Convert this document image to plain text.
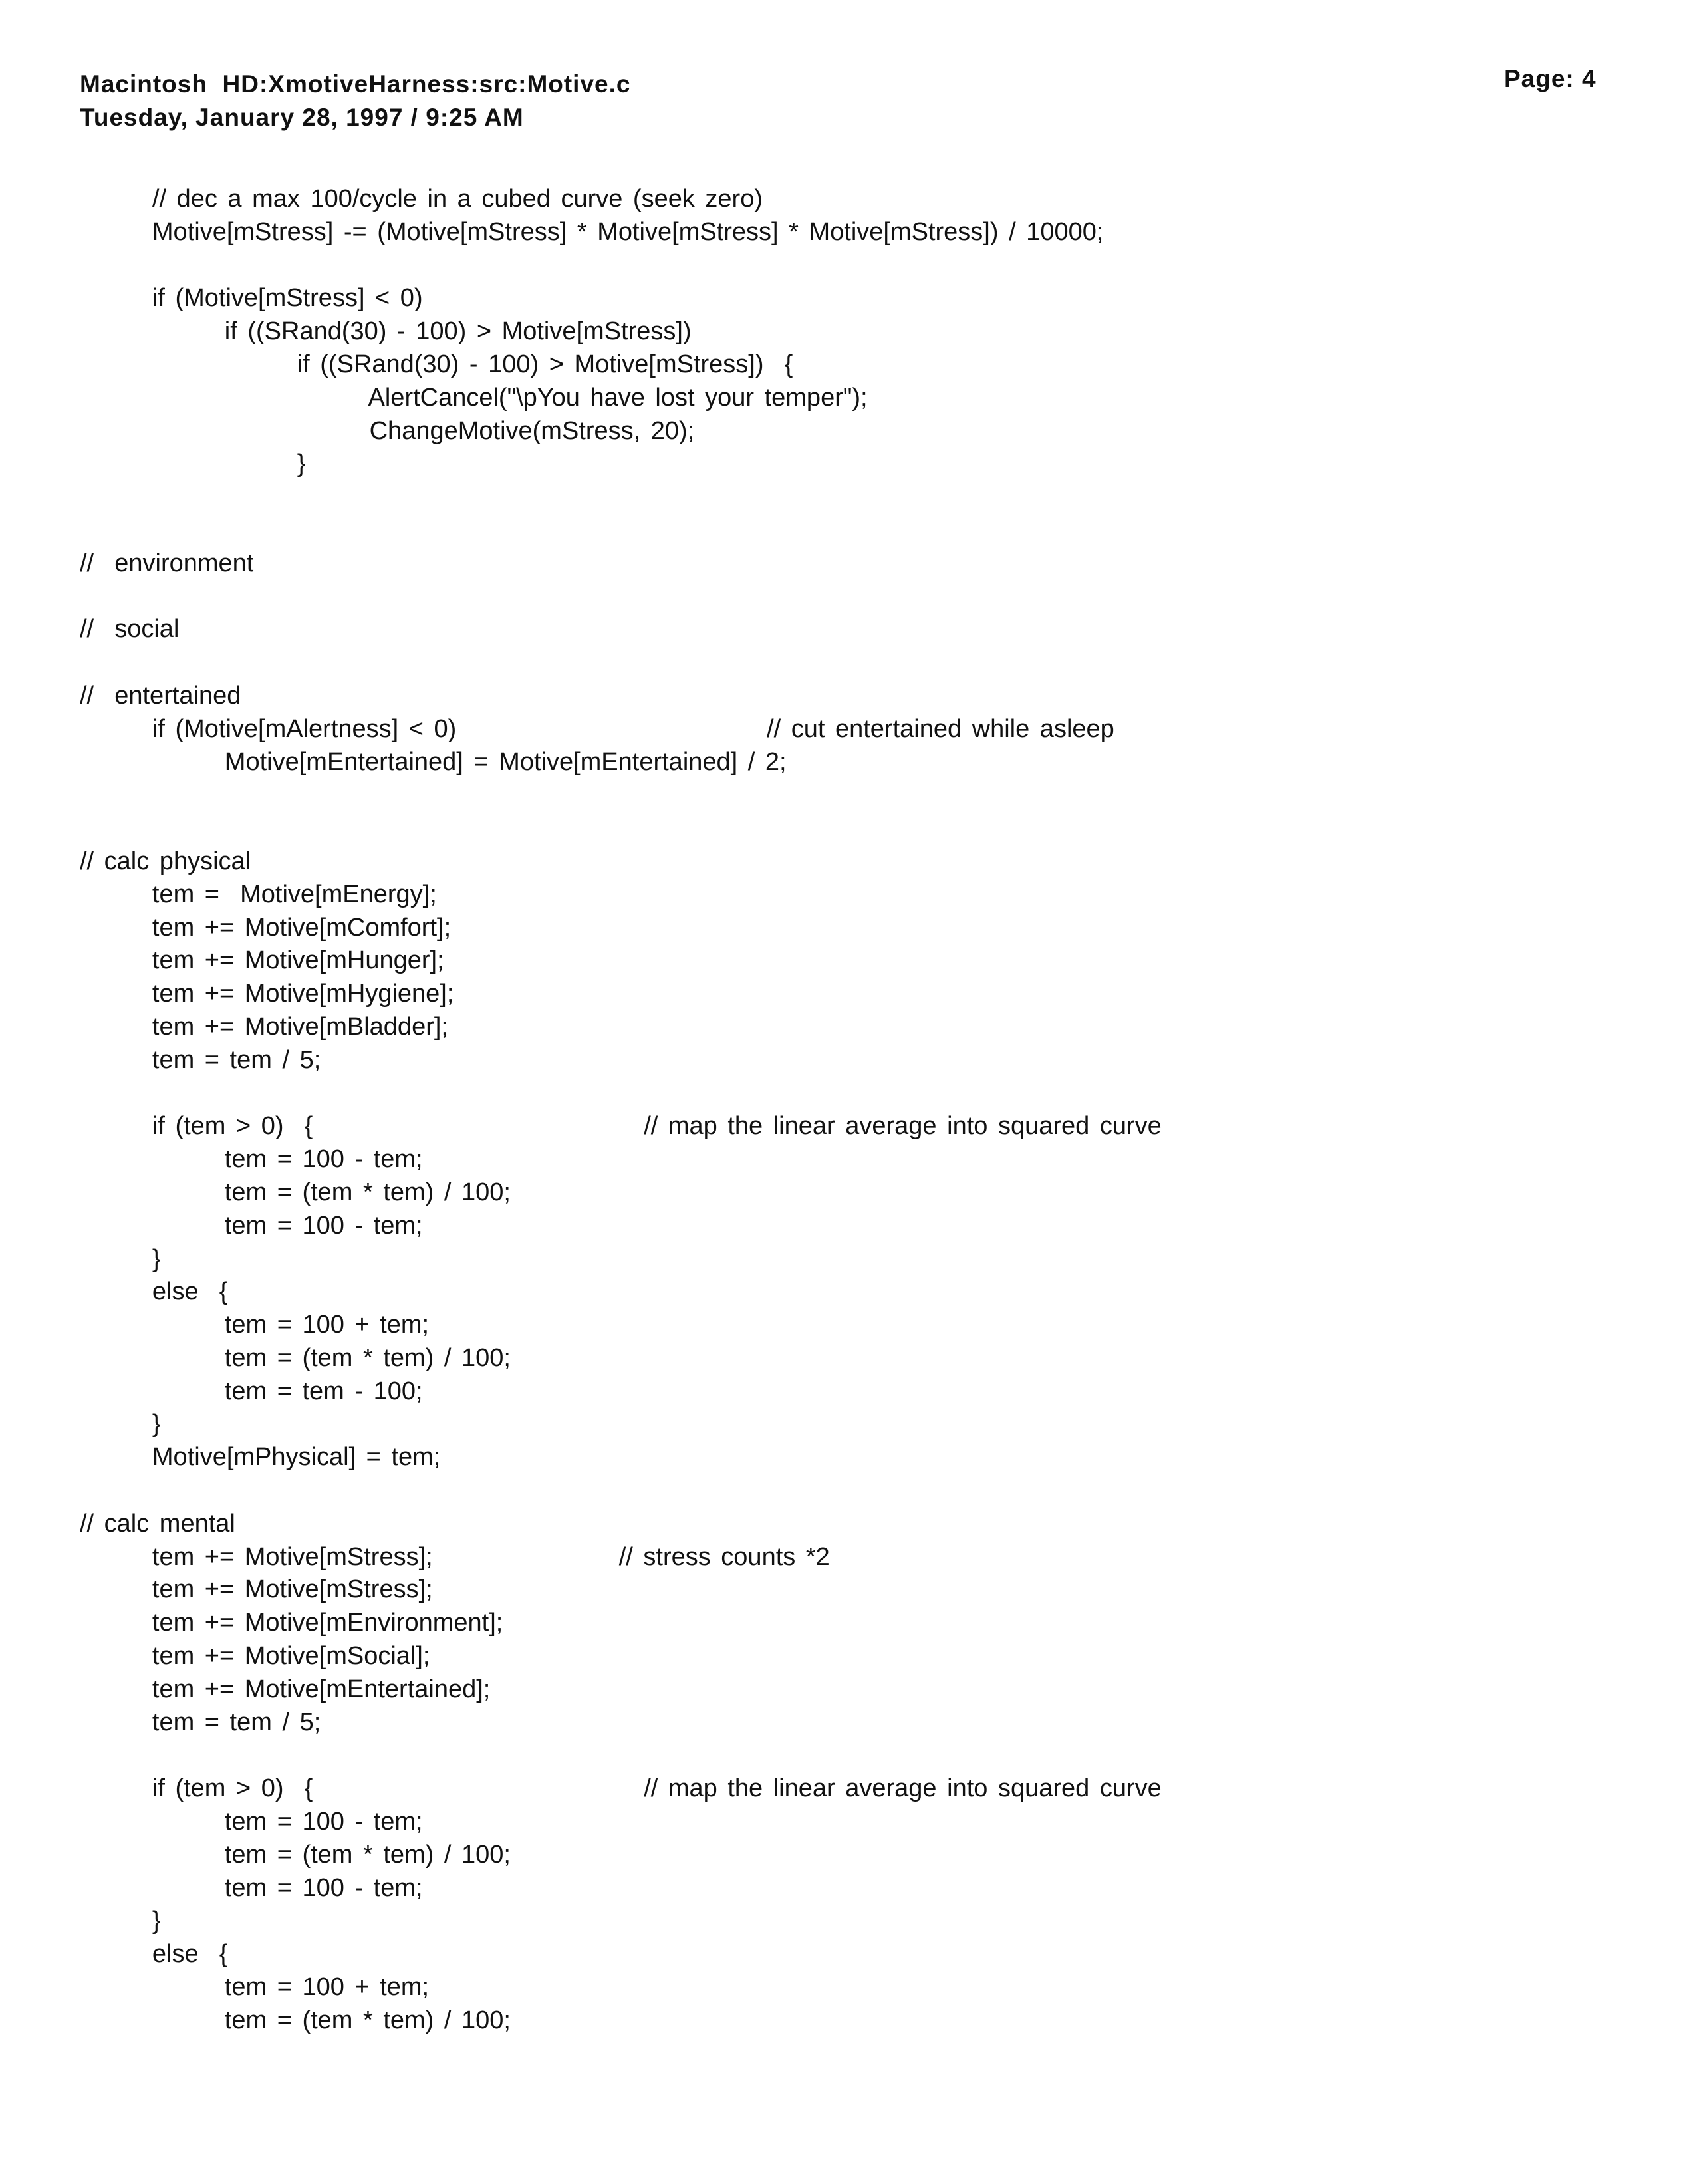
Macintosh  HD:XmotiveHarness:src:Motive.c
Tuesday, January 28, 1997 / 9:25 AM
Page: 4
// dec a max 100/cycle in a cubed curve (seek zero)
Motive[mStress] -= (Motive[mStress] * Motive[mStress] * Motive[mStress]) / 10000;
if (Motive[mStress] < 0)
if ((SRand(30) - 100) > Motive[mStress])
if ((SRand(30) - 100) > Motive[mStress])  {
AlertCancel("\pYou have lost your temper");
ChangeMotive(mStress, 20);
}
//  environment
//  social
//  entertained
if (Motive[mAlertness] < 0)                              // cut entertained while asleep
Motive[mEntertained] = Motive[mEntertained] / 2;
// calc physical
tem =  Motive[mEnergy];
tem += Motive[mComfort];
tem += Motive[mHunger];
tem += Motive[mHygiene];
tem += Motive[mBladder];
tem = tem / 5;
if (tem > 0)  {                                // map the linear average into squared curve
tem = 100 - tem;
tem = (tem * tem) / 100;
tem = 100 - tem;
}
else  {
tem = 100 + tem;
tem = (tem * tem) / 100;
tem = tem - 100;
}
Motive[mPhysical] = tem;
// calc mental
tem += Motive[mStress];                  // stress counts *2
tem += Motive[mStress];
tem += Motive[mEnvironment];
tem += Motive[mSocial];
tem += Motive[mEntertained];
tem = tem / 5;
if (tem > 0)  {                                // map the linear average into squared curve
tem = 100 - tem;
tem = (tem * tem) / 100;
tem = 100 - tem;
}
else  {
tem = 100 + tem;
tem = (tem * tem) / 100;
